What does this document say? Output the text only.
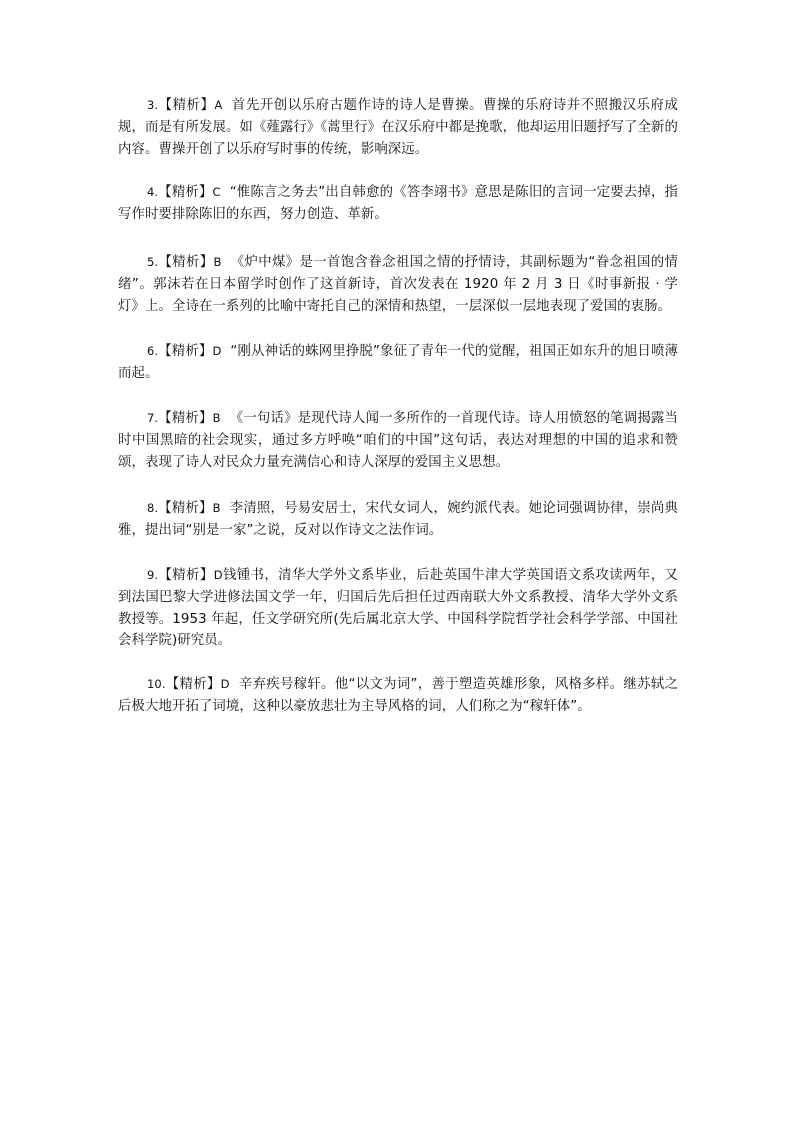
3.【精析】A 首先开创以乐府古题作诗的诗人是曹操。曹操的乐府诗并不照搬汉乐府成规，而是有所发展。如《薤露行》《蒿里行》在汉乐府中都是挽歌，他却运用旧题抒写了全新的内容。曹操开创了以乐府写时事的传统，影响深远。

4.【精析】C “惟陈言之务去”出自韩愈的《答李翊书》意思是陈旧的言词一定要去掉，指写作时要排除陈旧的东西，努力创造、革新。

5.【精析】B 《炉中煤》是一首饱含眷念祖国之情的抒情诗，其副标题为“眷念祖国的情绪”。郭沫若在日本留学时创作了这首新诗，首次发表在 1920 年 2 月 3 日《时事新报 · 学灯》上。全诗在一系列的比喻中寄托自己的深情和热望，一层深似一层地表现了爱国的衷肠。

6.【精析】D “刚从神话的蛛网里挣脱”象征了青年一代的觉醒，祖国正如东升的旭日喷薄而起。

7.【精析】B 《一句话》是现代诗人闻一多所作的一首现代诗。诗人用愤怒的笔调揭露当时中国黑暗的社会现实，通过多方呼唤“咱们的中国”这句话，表达对理想的中国的追求和赞颂，表现了诗人对民众力量充满信心和诗人深厚的爱国主义思想。

8.【精析】B 李清照，号易安居士，宋代女词人，婉约派代表。她论词强调协律，崇尚典雅，提出词“别是一家”之说，反对以作诗文之法作词。

9.【精析】D钱锺书，清华大学外文系毕业，后赴英国牛津大学英国语文系攻读两年，又到法国巴黎大学进修法国文学一年，归国后先后担任过西南联大外文系教授、清华大学外文系教授等。1953 年起，任文学研究所(先后属北京大学、中国科学院哲学社会科学学部、中国社会科学院)研究员。

10.【精析】D 辛弃疾号稼轩。他“以文为词”，善于塑造英雄形象，风格多样。继苏轼之后极大地开拓了词境，这种以豪放悲壮为主导风格的词，人们称之为“稼轩体”。
